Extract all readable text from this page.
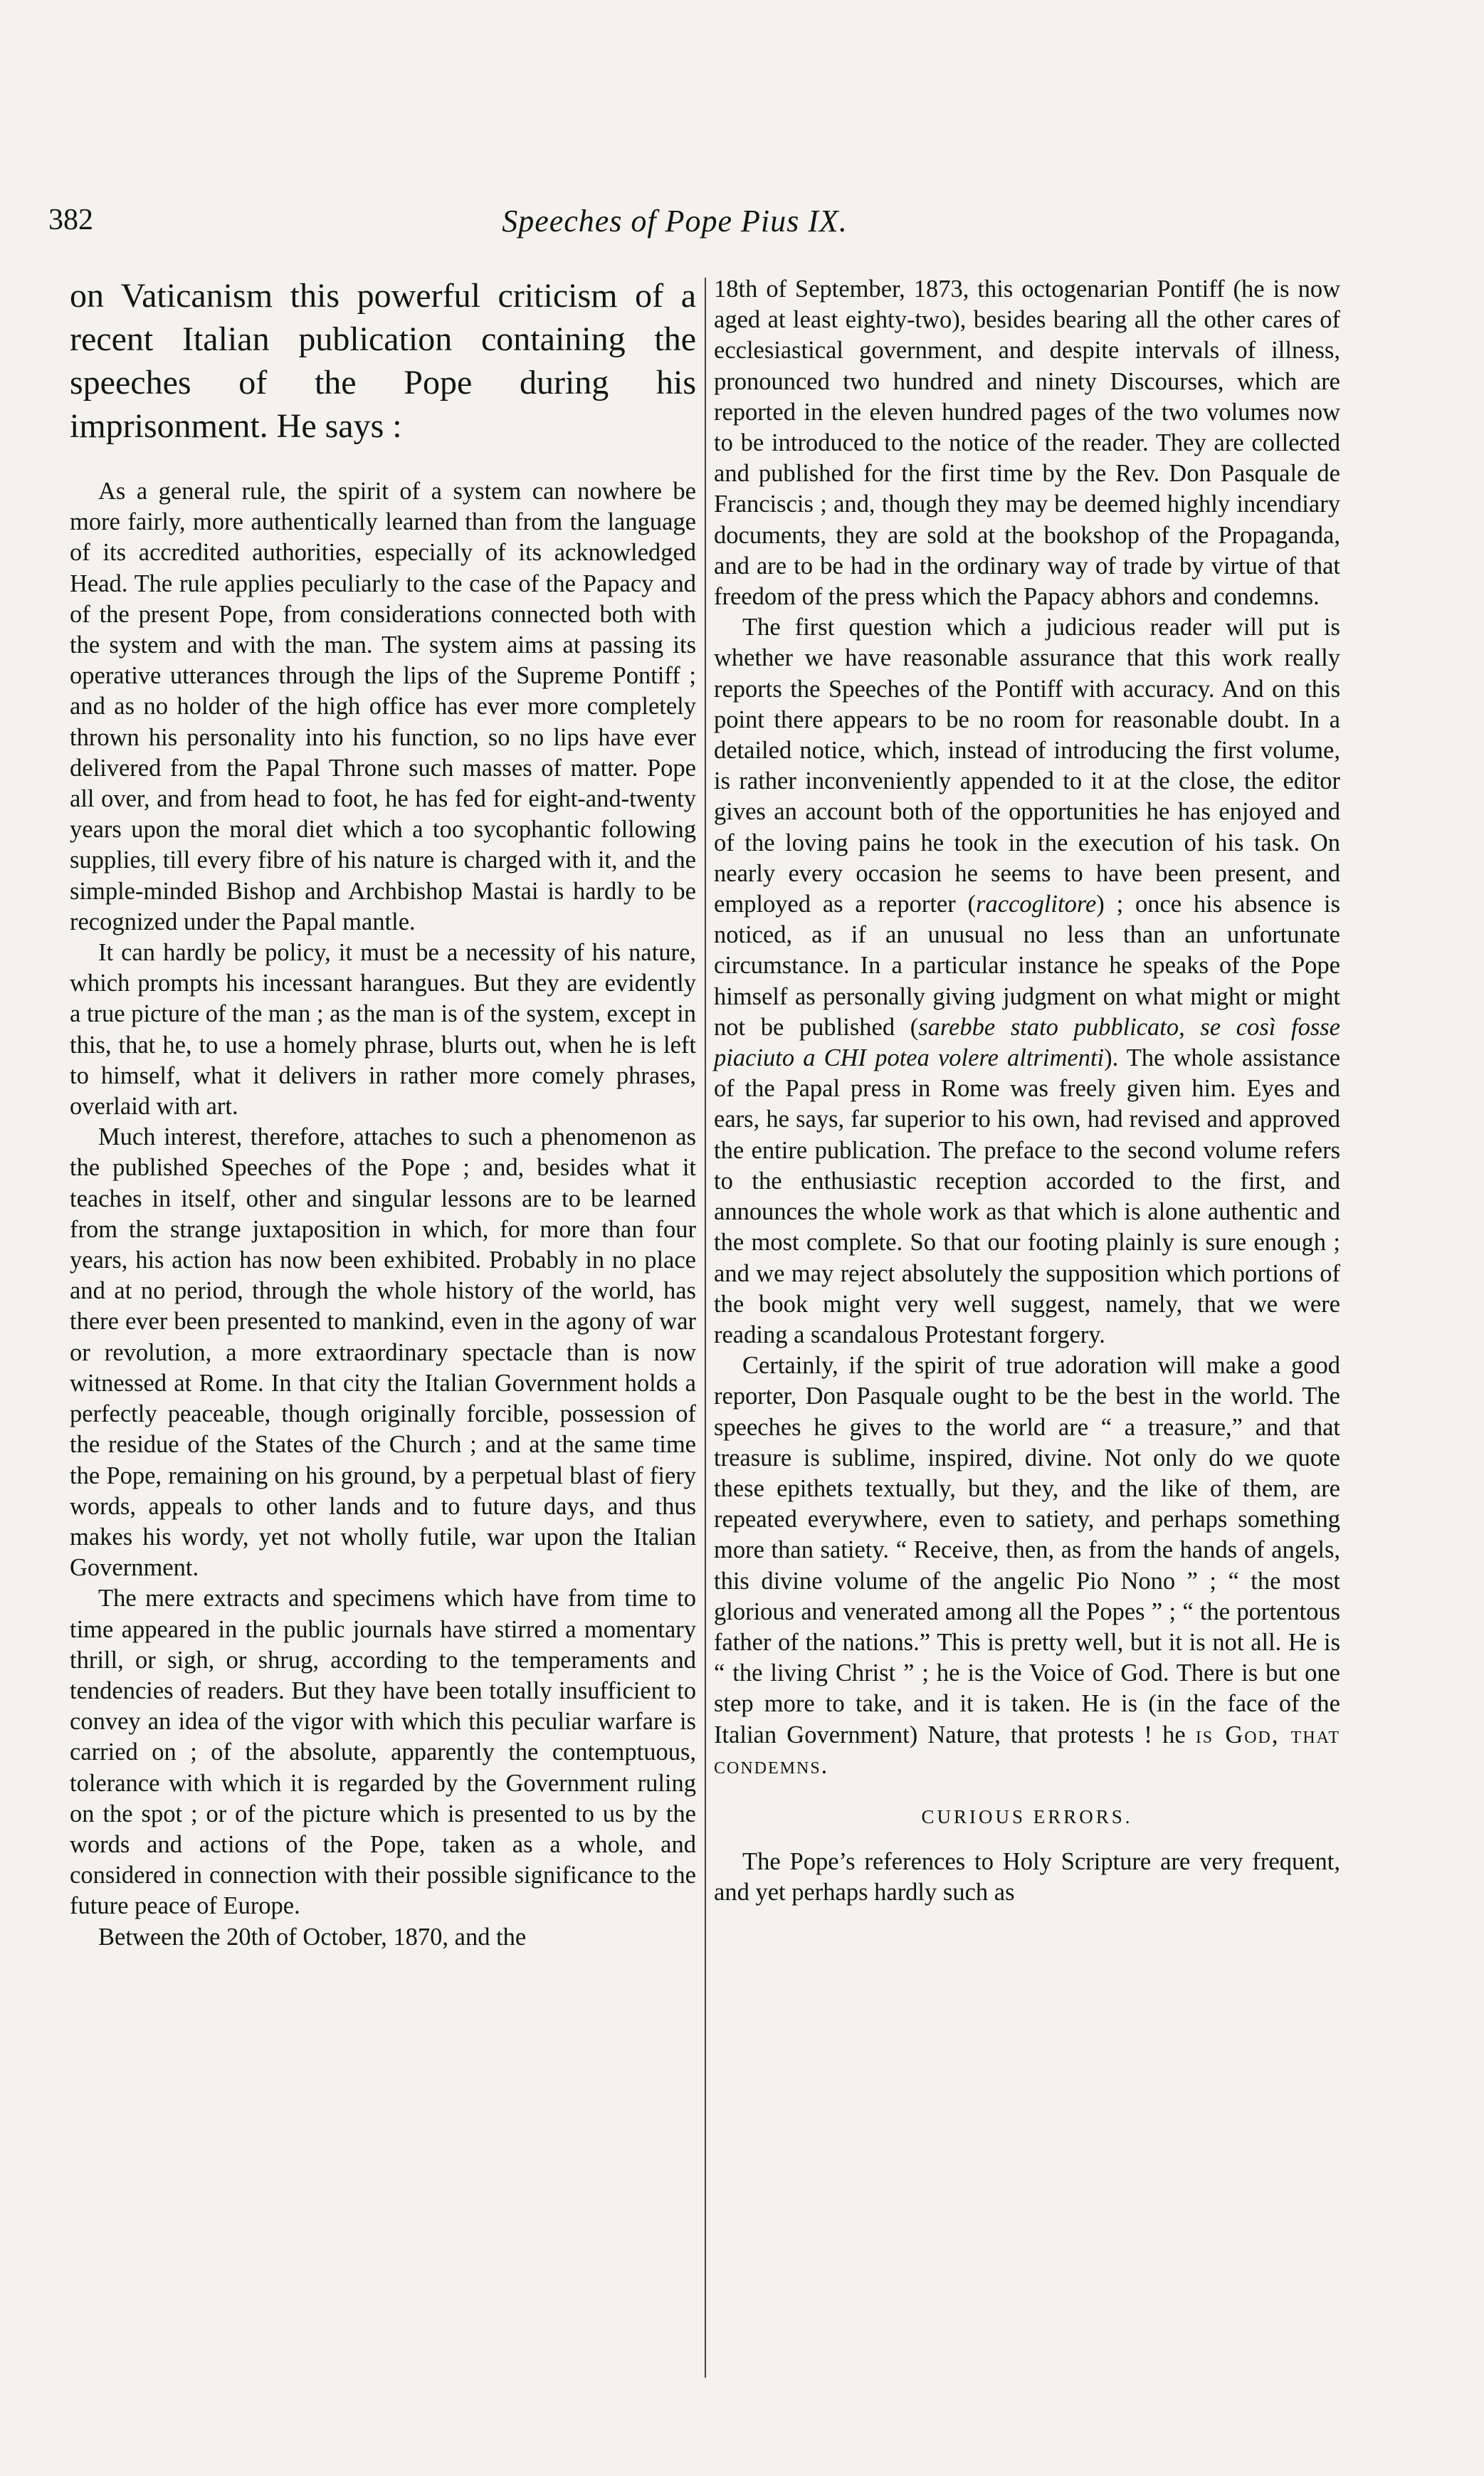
Speeches of Pope Pius IX.
382

on Vaticanism this powerful criticism of a recent Italian publication containing the speeches of the Pope during his imprisonment. He says :

As a general rule, the spirit of a system can nowhere be more fairly, more authentically learned than from the language of its accredited authorities, especially of its acknowledged Head. The rule applies peculiarly to the case of the Papacy and of the present Pope, from considerations connected both with the system and with the man. The system aims at passing its operative utterances through the lips of the Supreme Pontiff ; and as no holder of the high office has ever more completely thrown his personality into his function, so no lips have ever delivered from the Papal Throne such masses of matter. Pope all over, and from head to foot, he has fed for eight-and-twenty years upon the moral diet which a too sycophantic following supplies, till every fibre of his nature is charged with it, and the simple-minded Bishop and Archbishop Mastai is hardly to be recognized under the Papal mantle.

It can hardly be policy, it must be a necessity of his nature, which prompts his incessant harangues. But they are evidently a true picture of the man ; as the man is of the system, except in this, that he, to use a homely phrase, blurts out, when he is left to himself, what it delivers in rather more comely phrases, overlaid with art.

Much interest, therefore, attaches to such a phenomenon as the published Speeches of the Pope ; and, besides what it teaches in itself, other and singular lessons are to be learned from the strange juxtaposition in which, for more than four years, his action has now been exhibited. Probably in no place and at no period, through the whole history of the world, has there ever been presented to mankind, even in the agony of war or revolution, a more extraordinary spectacle than is now witnessed at Rome. In that city the Italian Government holds a perfectly peaceable, though originally forcible, possession of the residue of the States of the Church ; and at the same time the Pope, remaining on his ground, by a perpetual blast of fiery words, appeals to other lands and to future days, and thus makes his wordy, yet not wholly futile, war upon the Italian Government.

The mere extracts and specimens which have from time to time appeared in the public journals have stirred a momentary thrill, or sigh, or shrug, according to the temperaments and tendencies of readers. But they have been totally insufficient to convey an idea of the vigor with which this peculiar warfare is carried on ; of the absolute, apparently the contemptuous, tolerance with which it is regarded by the Government ruling on the spot ; or of the picture which is presented to us by the words and actions of the Pope, taken as a whole, and considered in connection with their possible significance to the future peace of Europe.

Between the 20th of October, 1870, and the

18th of September, 1873, this octogenarian Pontiff (he is now aged at least eighty-two), besides bearing all the other cares of ecclesiastical government, and despite intervals of illness, pronounced two hundred and ninety Discourses, which are reported in the eleven hundred pages of the two volumes now to be introduced to the notice of the reader. They are collected and published for the first time by the Rev. Don Pasquale de Franciscis ; and, though they may be deemed highly incendiary documents, they are sold at the bookshop of the Propaganda, and are to be had in the ordinary way of trade by virtue of that freedom of the press which the Papacy abhors and condemns.

The first question which a judicious reader will put is whether we have reasonable assurance that this work really reports the Speeches of the Pontiff with accuracy. And on this point there appears to be no room for reasonable doubt. In a detailed notice, which, instead of introducing the first volume, is rather inconveniently appended to it at the close, the editor gives an account both of the opportunities he has enjoyed and of the loving pains he took in the execution of his task. On nearly every occasion he seems to have been present, and employed as a reporter (raccoglitore) ; once his absence is noticed, as if an unusual no less than an unfortunate circumstance. In a particular instance he speaks of the Pope himself as personally giving judgment on what might or might not be published (sarebbe stato pubblicato, se così fosse piaciuto a CHI potea volere altrimenti). The whole assistance of the Papal press in Rome was freely given him. Eyes and ears, he says, far superior to his own, had revised and approved the entire publication. The preface to the second volume refers to the enthusiastic reception accorded to the first, and announces the whole work as that which is alone authentic and the most complete. So that our footing plainly is sure enough ; and we may reject absolutely the supposition which portions of the book might very well suggest, namely, that we were reading a scandalous Protestant forgery.

Certainly, if the spirit of true adoration will make a good reporter, Don Pasquale ought to be the best in the world. The speeches he gives to the world are “ a treasure,” and that treasure is sublime, inspired, divine. Not only do we quote these epithets textually, but they, and the like of them, are repeated everywhere, even to satiety, and perhaps something more than satiety. “ Receive, then, as from the hands of angels, this divine volume of the angelic Pio Nono ” ; “ the most glorious and venerated among all the Popes ” ; “ the portentous father of the nations.” This is pretty well, but it is not all. He is “ the living Christ ” ; he is the Voice of God. There is but one step more to take, and it is taken. He is (in the face of the Italian Government) Nature, that protests ! he is God, that condemns.

CURIOUS ERRORS.

The Pope’s references to Holy Scripture are very frequent, and yet perhaps hardly such as
